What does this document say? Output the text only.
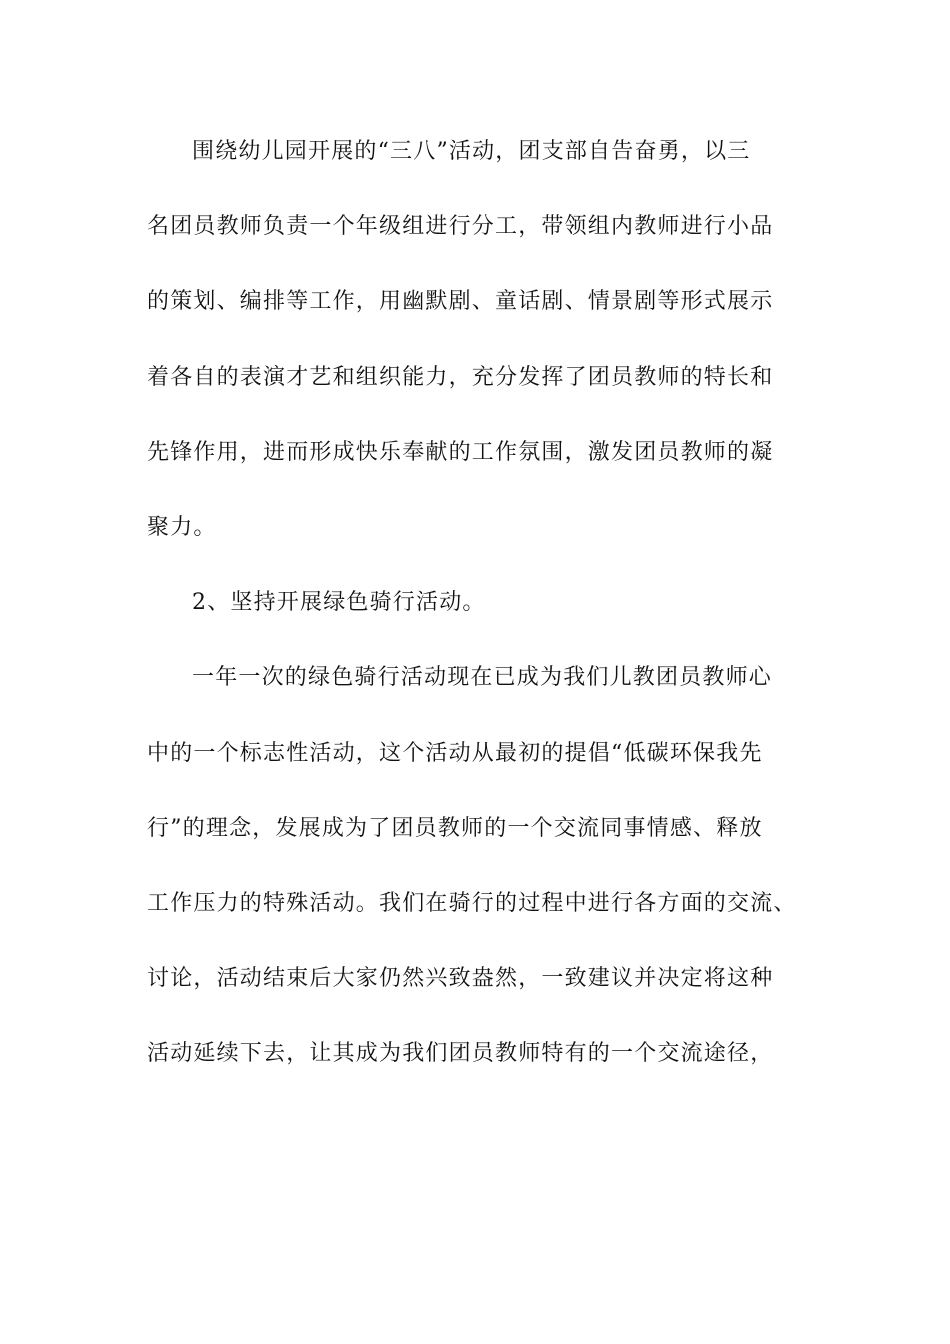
围绕幼儿园开展的“三八”活动，团支部自告奋勇，以三
名团员教师负责一个年级组进行分工，带领组内教师进行小品
的策划、编排等工作，用幽默剧、童话剧、情景剧等形式展示
着各自的表演才艺和组织能力，充分发挥了团员教师的特长和
先锋作用，进而形成快乐奉献的工作氛围，激发团员教师的凝
聚力。
2、坚持开展绿色骑行活动。
一年一次的绿色骑行活动现在已成为我们儿教团员教师心
中的一个标志性活动，这个活动从最初的提倡“低碳环保我先
行”的理念，发展成为了团员教师的一个交流同事情感、释放
工作压力的特殊活动。我们在骑行的过程中进行各方面的交流、
讨论，活动结束后大家仍然兴致盎然，一致建议并决定将这种
活动延续下去，让其成为我们团员教师特有的一个交流途径，
